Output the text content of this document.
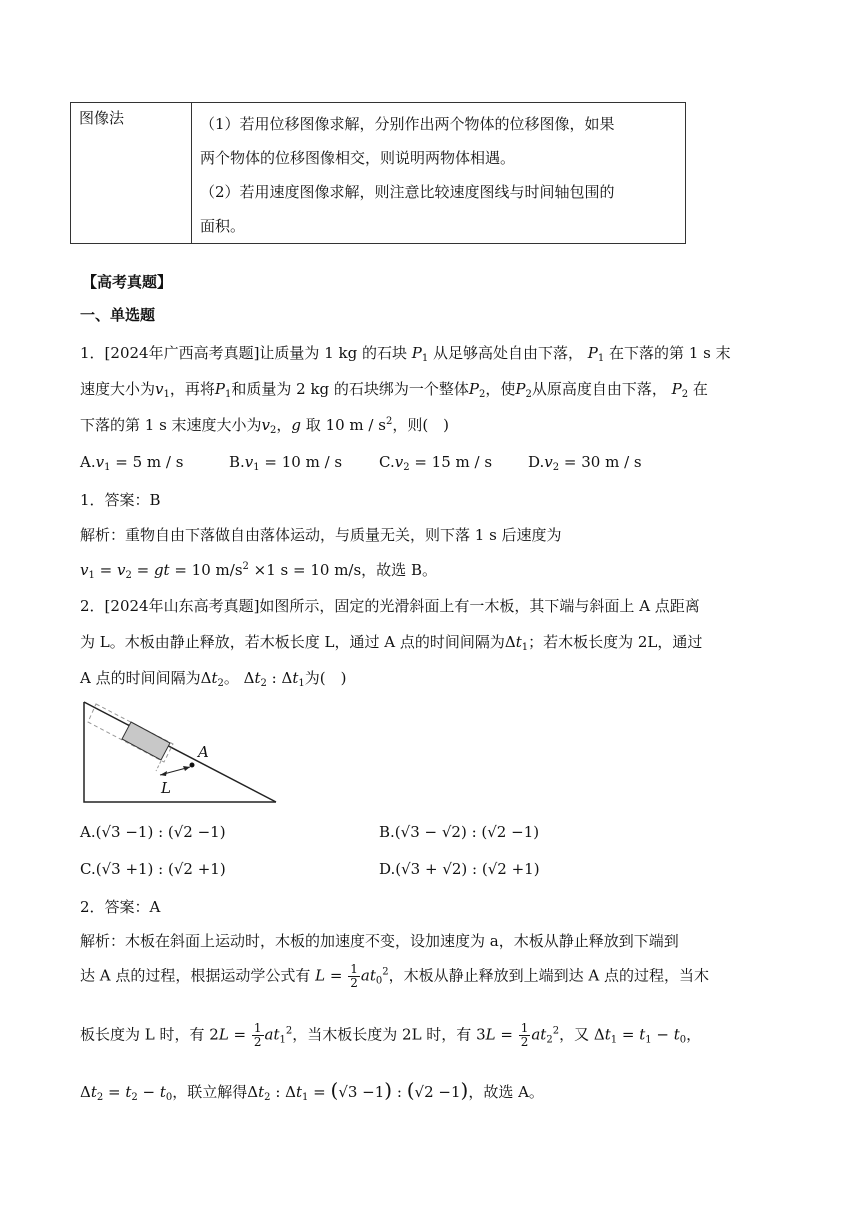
图像法	（1）若用位移图像求解，分别作出两个物体的位移图像，如果
两个物体的位移图像相交，则说明两物体相遇。
（2）若用速度图像求解，则注意比较速度图线与时间轴包围的
面积。
【高考真题】
一、单选题
1．[2024年广西高考真题]让质量为 1 kg 的石块 $P_1$ 从足够高处自由下落， $P_1$ 在下落的第 1 s 末
速度大小为$v_1$，再将$P_1$和质量为 2 kg 的石块绑为一个整体$P_2$，使$P_2$从原高度自由下落， $P_2$ 在
下落的第 1 s 末速度大小为$v_2$，g 取 10 m / $s^2$，则(　)
$A.v_1 = 5$ m / s	$B.v_1 = 10$ m / s $C.v_2 = 15$ m / s $D.v_2 = 30$ m / s
1．答案：B
解析：重物自由下落做自由落体运动，与质量无关，则下落 1 s 后速度为
$v_1 = v_2$ = gt = 10 $m/s^2 \times 1$ s = 10 m/s，故选 B。
2．[2024年山东高考真题]如图所示，固定的光滑斜面上有一木板，其下端与斜面上 A 点距离
为 L。木板由静止释放，若木板长度 L，通过 A 点的时间间隔为$\Delta t_1$；若木板长度为 2L，通过
A 点的时间间隔为$\Delta t_2$。 $\Delta t_2$ : $\Delta t_1$为(　)
A
L
A.(√3 −1) : (√2 −1)	B.(√3 − √2) : (√2 −1)
C.(√3 +1) : (√2 +1)	D.(√3 + √2) : (√2 +1)
2．答案：A
解析：木板在斜面上运动时，木板的加速度不变，设加速度为 a，木板从静止释放到下端到
达 A 点的过程，根据运动学公式有 $L = \frac{1}{2} at_0^2$，木板从静止释放到上端到达 A 点的过程，当木
板长度为 L 时，有 $2L = \frac{1}{2} at_1^2$，当木板长度为 2L 时，有 $3L = \frac{1}{2} at_2^2$，又 $\Delta t_1 = t_1 - t_0$，
$\Delta t_2 = t_2 - t_0$，联立解得$\Delta t_2$ : $\Delta t_1 = (√3 -1)$ : (√2 −1)，故选 A。
